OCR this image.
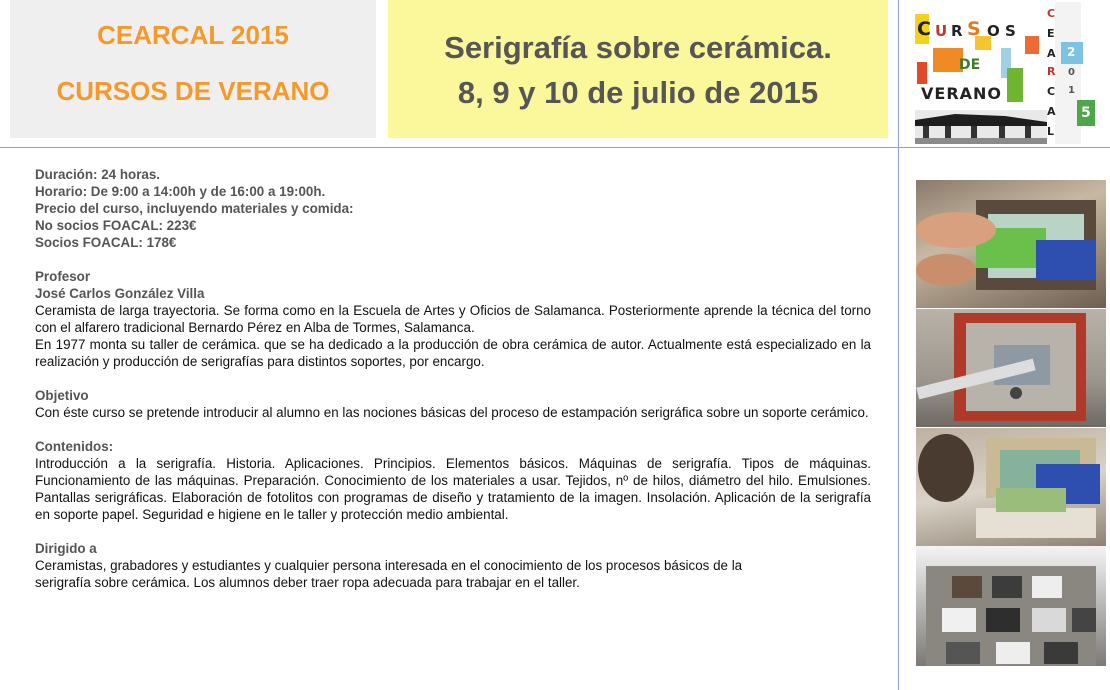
CEARCAL 2015
CURSOS DE VERANO
Serigrafía sobre cerámica.
8, 9 y 10 de julio de 2015
C U R S O S
DE
VERANO
C
E
A
R
C
A
L
2
0
1
5
Duración: 24 horas.
Horario: De 9:00 a 14:00h y de 16:00 a 19:00h.
Precio del curso, incluyendo materiales y comida:
No socios FOACAL: 223€
Socios FOACAL: 178€
Profesor
José Carlos González Villa
Ceramista de larga trayectoria. Se forma como en la Escuela de Artes y Oficios de Salamanca. Posteriormente aprende la técnica del torno con el alfarero tradicional Bernardo Pérez en Alba de Tormes, Salamanca.
En 1977 monta su taller de cerámica. que se ha dedicado a la producción de obra cerámica de autor. Actualmente está especializado en la realización y producción de serigrafías para distintos soportes, por encargo.
Objetivo
Con éste curso se pretende introducir al alumno en las nociones básicas del proceso de estampación serigráfica sobre un soporte cerámico.
Contenidos:
Introducción a la serigrafía. Historia. Aplicaciones. Principios. Elementos básicos. Máquinas de serigrafía. Tipos de máquinas. Funcionamiento de las máquinas. Preparación. Conocimiento de los materiales a usar. Tejidos, nº de hilos, diámetro del hilo. Emulsiones. Pantallas serigráficas. Elaboración de fotolitos con programas de diseño y tratamiento de la imagen. Insolación. Aplicación de la serigrafía en soporte papel. Seguridad e higiene en le taller y protección medio ambiental.
Dirigido a
Ceramistas, grabadores y estudiantes y cualquier persona interesada en el conocimiento de los procesos básicos de la
serigrafía sobre cerámica. Los alumnos deber traer ropa adecuada para trabajar en el taller.
